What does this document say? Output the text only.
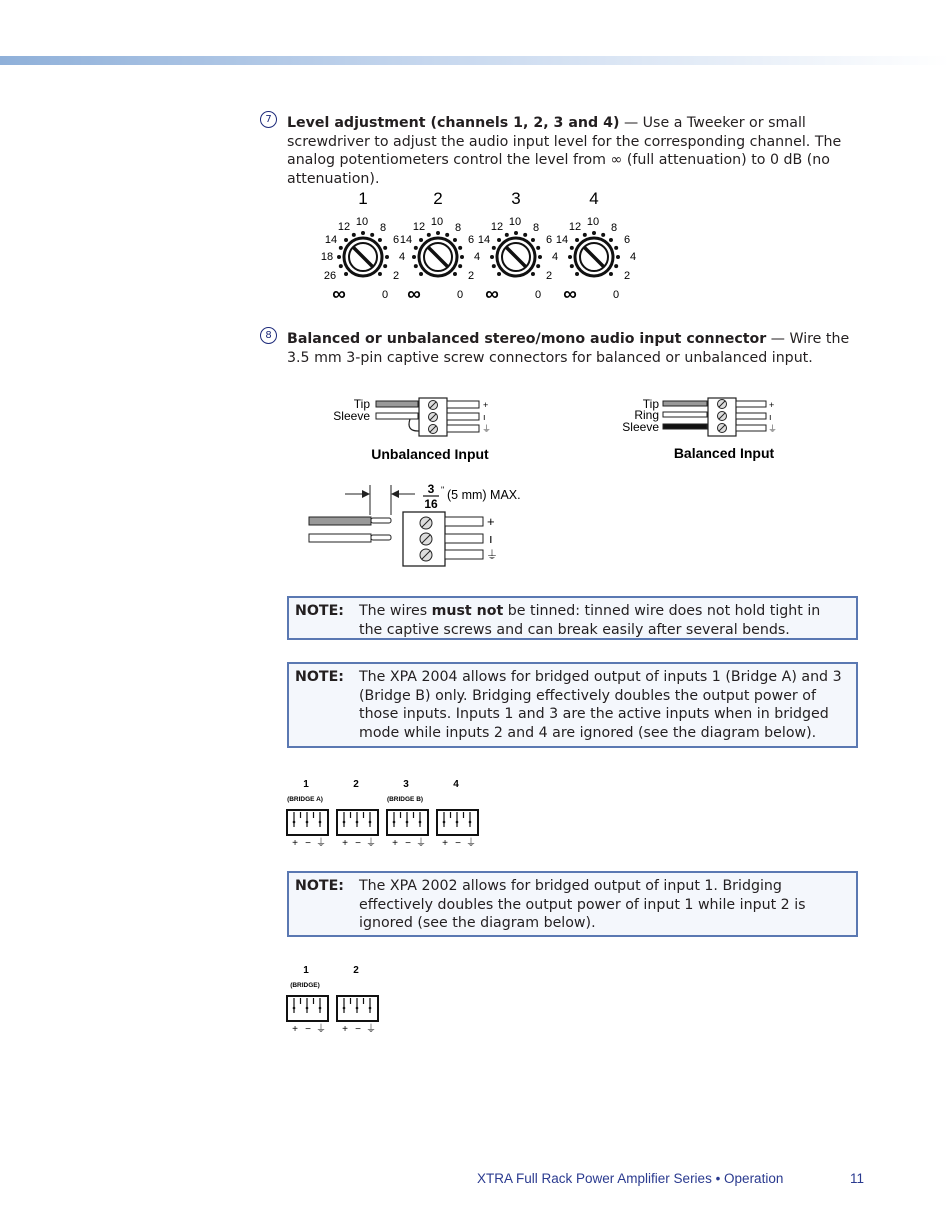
7	Level adjustment (channels 1, 2, 3 and 4) — Use a Tweeker or small screwdriver to adjust the audio input level for the corresponding channel. The analog potentiometers control the level from ∞ (full attenuation) to 0 dB (no attenuation).
1
10 8
6
4
2
0
12
14
18
26
∞
2
10 8
6
4
2
0
12
14
∞
3
10 8
6
4
2
0
12
14
∞
4
10 8
6
4
2
0
12
14
∞
8	Balanced or unbalanced stereo/mono audio input connector — Wire the 3.5 mm 3-pin captive screw connectors for balanced or unbalanced input.
Tip
Sleeve
+
ı
⏚
Unbalanced Input
Tip
Ring
Sleeve
+
ı
⏚
Balanced Input
3
16
" (5 mm) MAX.
+
ı
⏚
NOTE: The wires must not be tinned: tinned wire does not hold tight in the captive screws and can break easily after several bends.
NOTE: The XPA 2004 allows for bridged output of inputs 1 (Bridge A) and 3 (Bridge B) only. Bridging effectively doubles the output power of those inputs. Inputs 1 and 3 are the active inputs when in bridged mode while inputs 2 and 4 are ignored (see the diagram below).
1
+ − ⏚
2
+ − ⏚
3
+ − ⏚
4
+ − ⏚
(BRIDGE A)	(BRIDGE B)
NOTE: The XPA 2002 allows for bridged output of input 1. Bridging effectively doubles the output power of input 1 while input 2 is ignored (see the diagram below).
1
+ − ⏚
2
+ − ⏚
(BRIDGE)
XTRA Full Rack Power Amplifier Series • Operation	11
